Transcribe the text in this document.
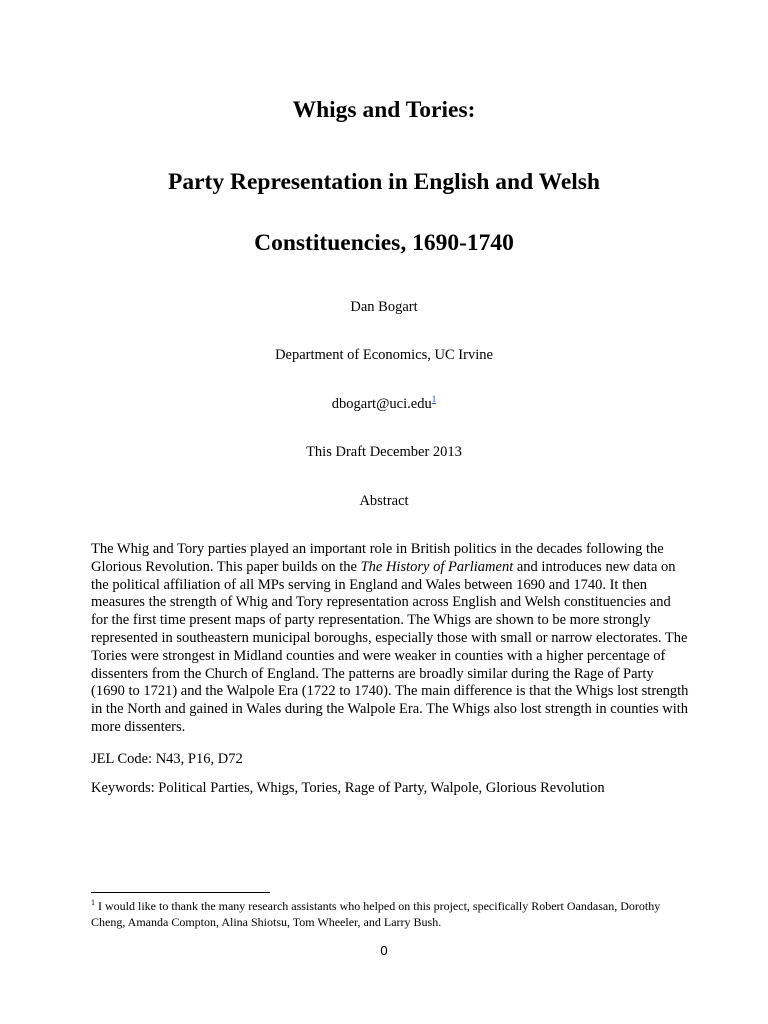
Whigs and Tories:
Party Representation in English and Welsh
Constituencies, 1690-1740
Dan Bogart
Department of Economics, UC Irvine
dbogart@uci.edu$^1$
This Draft December 2013
Abstract

The Whig and Tory parties played an important role in British politics in the decades following the Glorious Revolution. This paper builds on the The History of Parliament and introduces new data on the political affiliation of all MPs serving in England and Wales between 1690 and 1740. It then measures the strength of Whig and Tory representation across English and Welsh constituencies and for the first time present maps of party representation. The Whigs are shown to be more strongly represented in southeastern municipal boroughs, especially those with small or narrow electorates. The Tories were strongest in Midland counties and were weaker in counties with a higher percentage of dissenters from the Church of England. The patterns are broadly similar during the Rage of Party (1690 to 1721) and the Walpole Era (1722 to 1740). The main difference is that the Whigs lost strength in the North and gained in Wales during the Walpole Era. The Whigs also lost strength in counties with more dissenters.

JEL Code: N43, P16, D72

Keywords: Political Parties, Whigs, Tories, Rage of Party, Walpole, Glorious Revolution

$^1$ I would like to thank the many research assistants who helped on this project, specifically Robert Oandasan, Dorothy Cheng, Amanda Compton, Alina Shiotsu, Tom Wheeler, and Larry Bush.

0
